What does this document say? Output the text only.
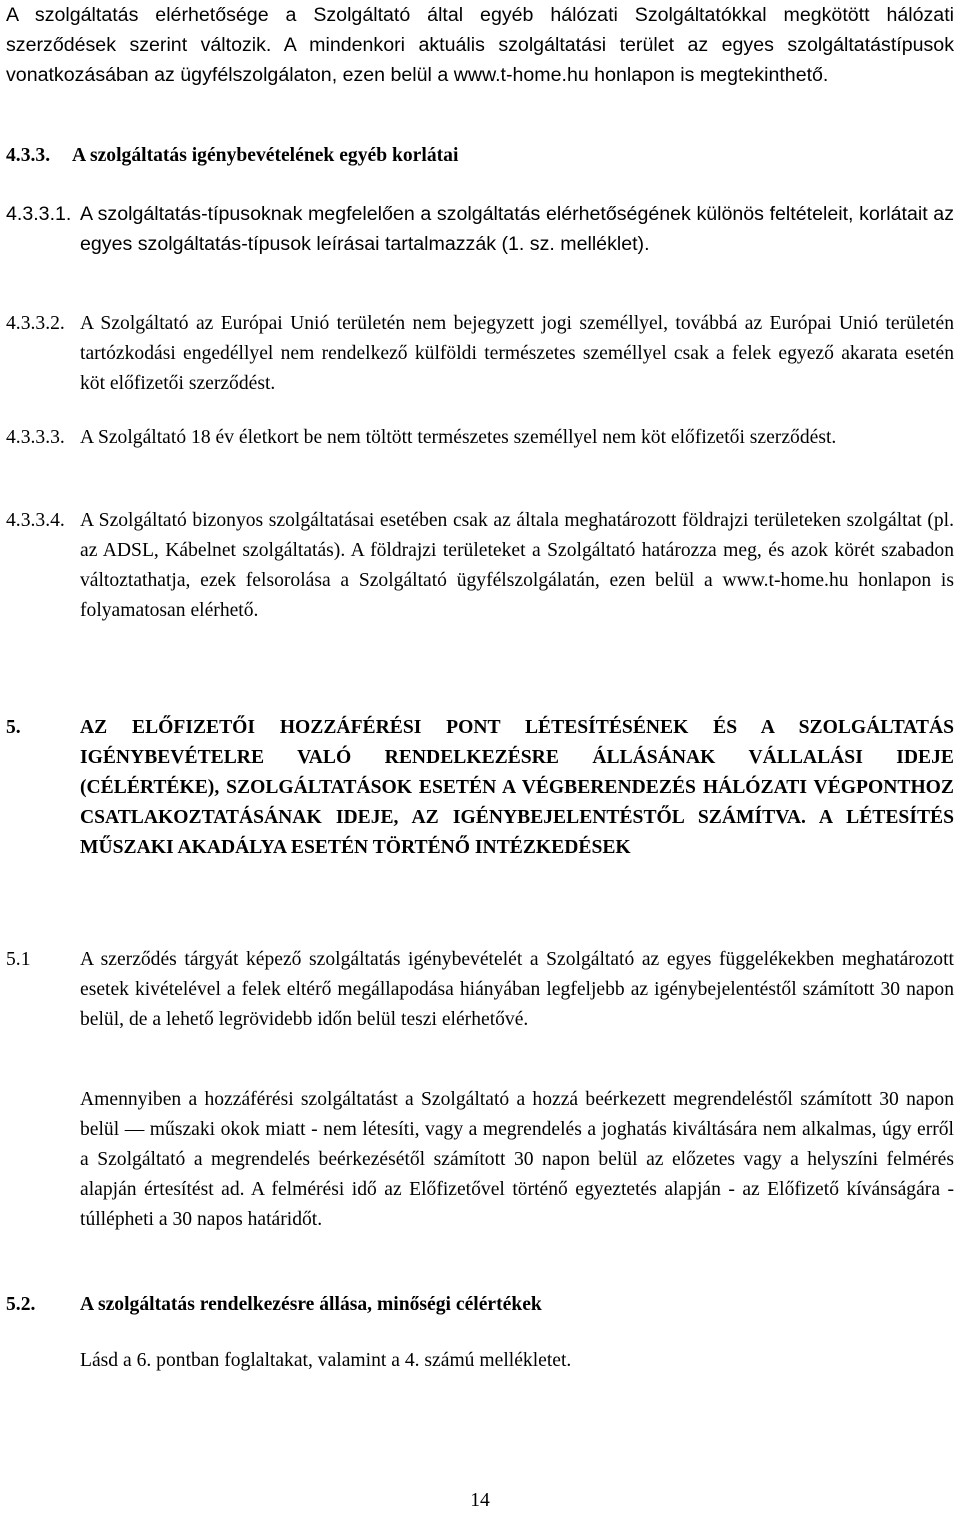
A szolgáltatás elérhetősége a Szolgáltató által egyéb hálózati Szolgáltatókkal megkötött hálózati szerződések szerint változik. A mindenkori aktuális szolgáltatási terület az egyes szolgáltatástípusok vonatkozásában az ügyfélszolgálaton, ezen belül a www.t-home.hu honlapon is megtekinthető.
4.3.3. A szolgáltatás igénybevételének egyéb korlátai
4.3.3.1. A szolgáltatás-típusoknak megfelelően a szolgáltatás elérhetőségének különös feltételeit, korlátait az egyes szolgáltatás-típusok leírásai tartalmazzák (1. sz. melléklet).
4.3.3.2. A Szolgáltató az Európai Unió területén nem bejegyzett jogi személlyel, továbbá az Európai Unió területén tartózkodási engedéllyel nem rendelkező külföldi természetes személlyel csak a felek egyező akarata esetén köt előfizetői szerződést.
4.3.3.3. A Szolgáltató 18 év életkort be nem töltött természetes személlyel nem köt előfizetői szerződést.
4.3.3.4. A Szolgáltató bizonyos szolgáltatásai esetében csak az általa meghatározott földrajzi területeken szolgáltat (pl. az ADSL, Kábelnet szolgáltatás). A földrajzi területeket a Szolgáltató határozza meg, és azok körét szabadon változtathatja, ezek felsorolása a Szolgáltató ügyfélszolgálatán, ezen belül a www.t-home.hu honlapon is folyamatosan elérhető.
5.	AZ ELŐFIZETŐI HOZZÁFÉRÉSI PONT LÉTESÍTÉSÉNEK ÉS A SZOLGÁLTATÁS IGÉNYBEVÉTELRE VALÓ RENDELKEZÉSRE ÁLLÁSÁNAK VÁLLALÁSI IDEJE (CÉLÉRTÉKE), SZOLGÁLTATÁSOK ESETÉN A VÉGBERENDEZÉS HÁLÓZATI VÉGPONTHOZ CSATLAKOZTATÁSÁNAK IDEJE, AZ IGÉNYBEJELENTÉSTŐL SZÁMÍTVA. A LÉTESÍTÉS MŰSZAKI AKADÁLYA ESETÉN TÖRTÉNŐ INTÉZKEDÉSEK
5.1	A szerződés tárgyát képező szolgáltatás igénybevételét a Szolgáltató az egyes függelékekben meghatározott esetek kivételével a felek eltérő megállapodása hiányában legfeljebb az igénybejelentéstől számított 30 napon belül, de a lehető legrövidebb időn belül teszi elérhetővé.
Amennyiben a hozzáférési szolgáltatást a Szolgáltató a hozzá beérkezett megrendeléstől számított 30 napon belül — műszaki okok miatt - nem létesíti, vagy a megrendelés a joghatás kiváltására nem alkalmas, úgy erről a Szolgáltató a megrendelés beérkezésétől számított 30 napon belül az előzetes vagy a helyszíni felmérés alapján értesítést ad. A felmérési idő az Előfizetővel történő egyeztetés alapján - az Előfizető kívánságára - túllépheti a 30 napos határidőt.
5.2. A szolgáltatás rendelkezésre állása, minőségi célértékek
Lásd a 6. pontban foglaltakat, valamint a 4. számú mellékletet.
14
